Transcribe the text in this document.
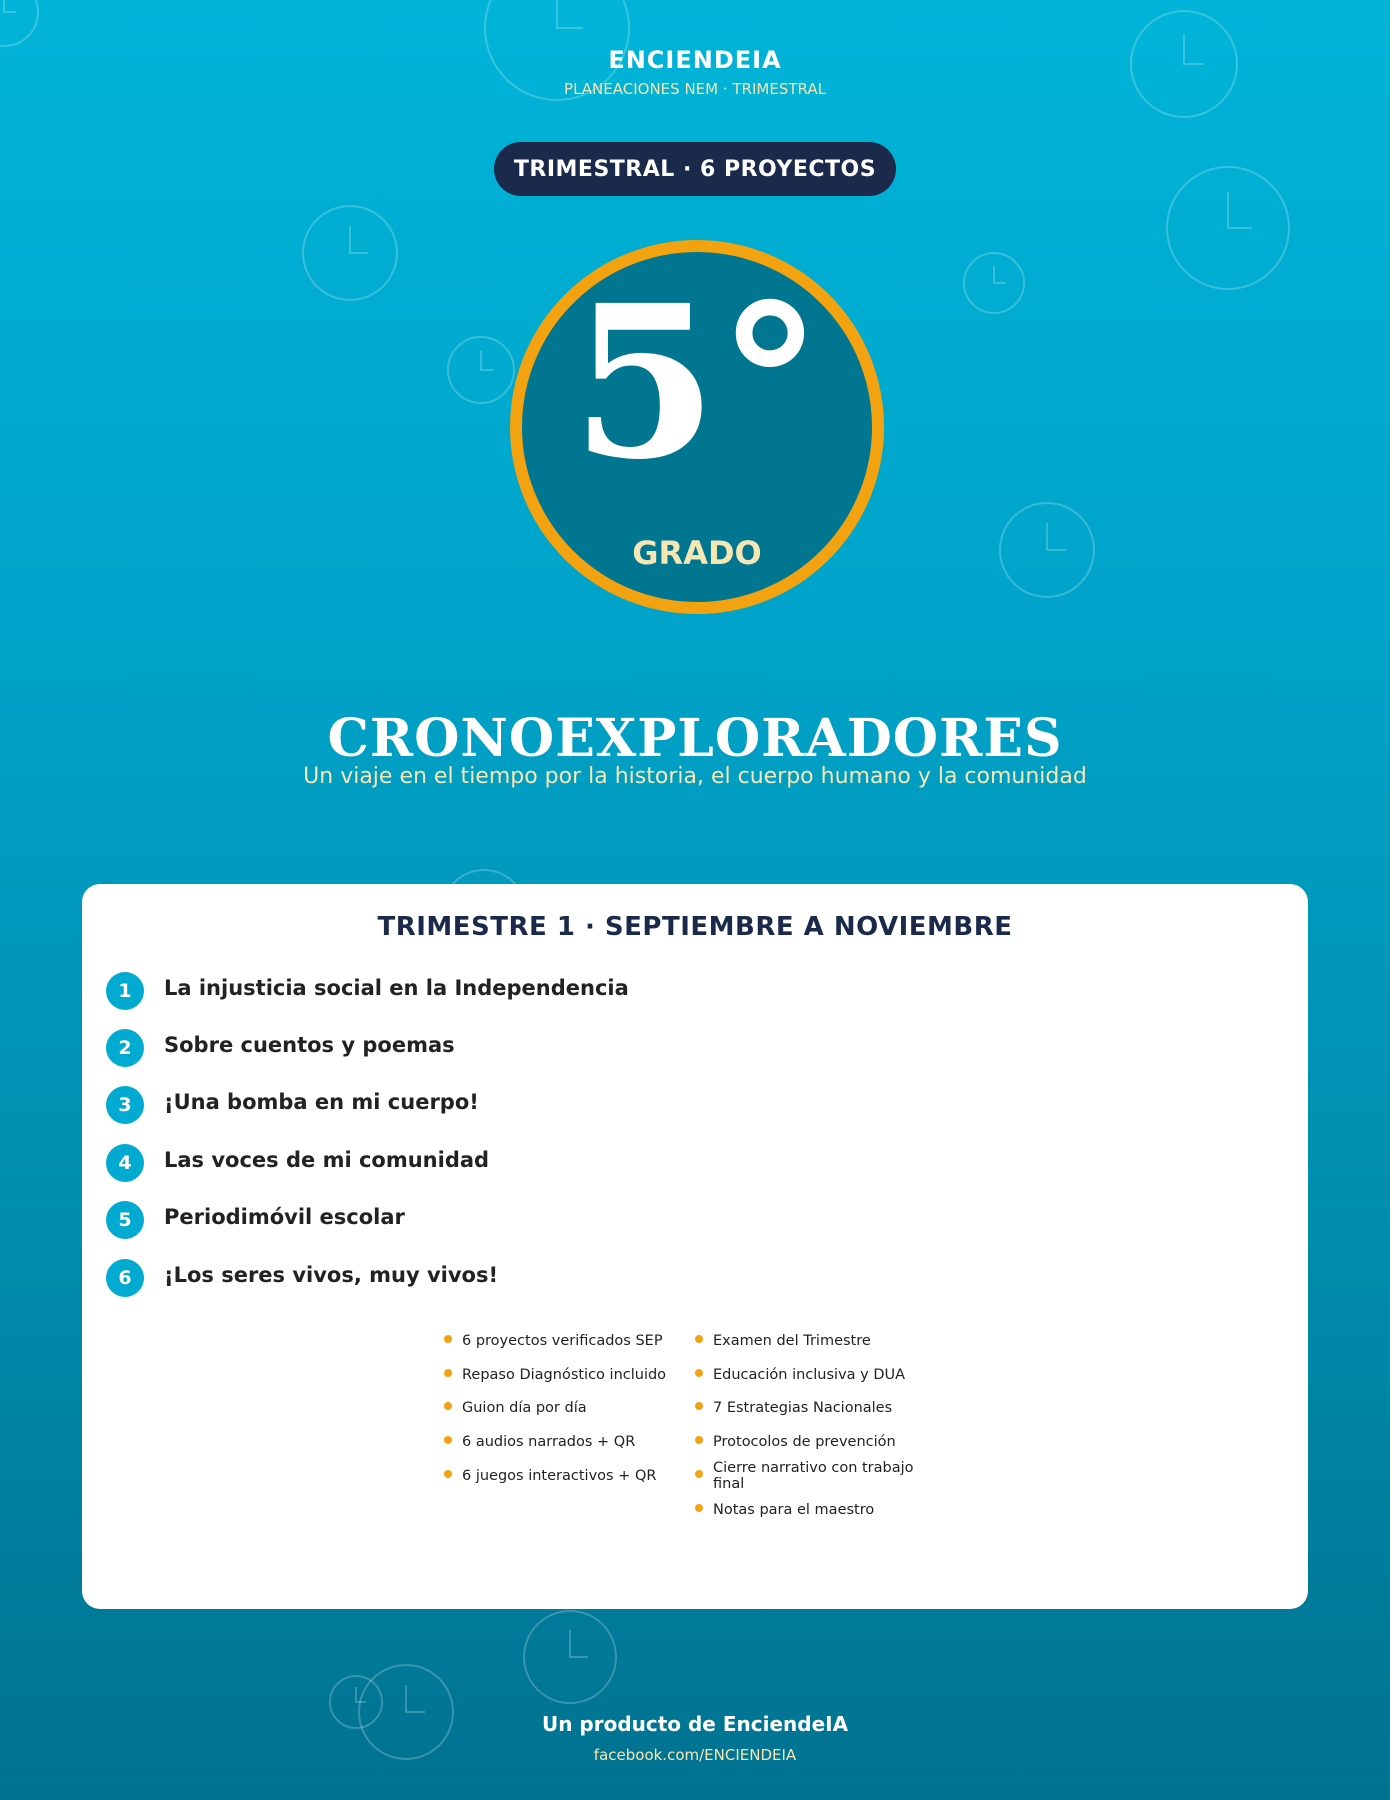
ENCIENDEIA
PLANEACIONES NEM · TRIMESTRAL
TRIMESTRAL · 6 PROYECTOS
5°
GRADO
CRONOEXPLORADORES
Un viaje en el tiempo por la historia, el cuerpo humano y la comunidad
TRIMESTRE 1 · SEPTIEMBRE A NOVIEMBRE
1	La injusticia social en la Independencia
2	Sobre cuentos y poemas
3	¡Una bomba en mi cuerpo!
4	Las voces de mi comunidad
5	Periodimóvil escolar
6	¡Los seres vivos, muy vivos!
6 proyectos verificados SEP
Repaso Diagnóstico incluido
Guion día por día
6 audios narrados + QR
6 juegos interactivos + QR
Examen del Trimestre
Educación inclusiva y DUA
7 Estrategias Nacionales
Protocolos de prevención
Cierre narrativo con trabajo final
Notas para el maestro
Un producto de EnciendeIA
facebook.com/ENCIENDEIA
